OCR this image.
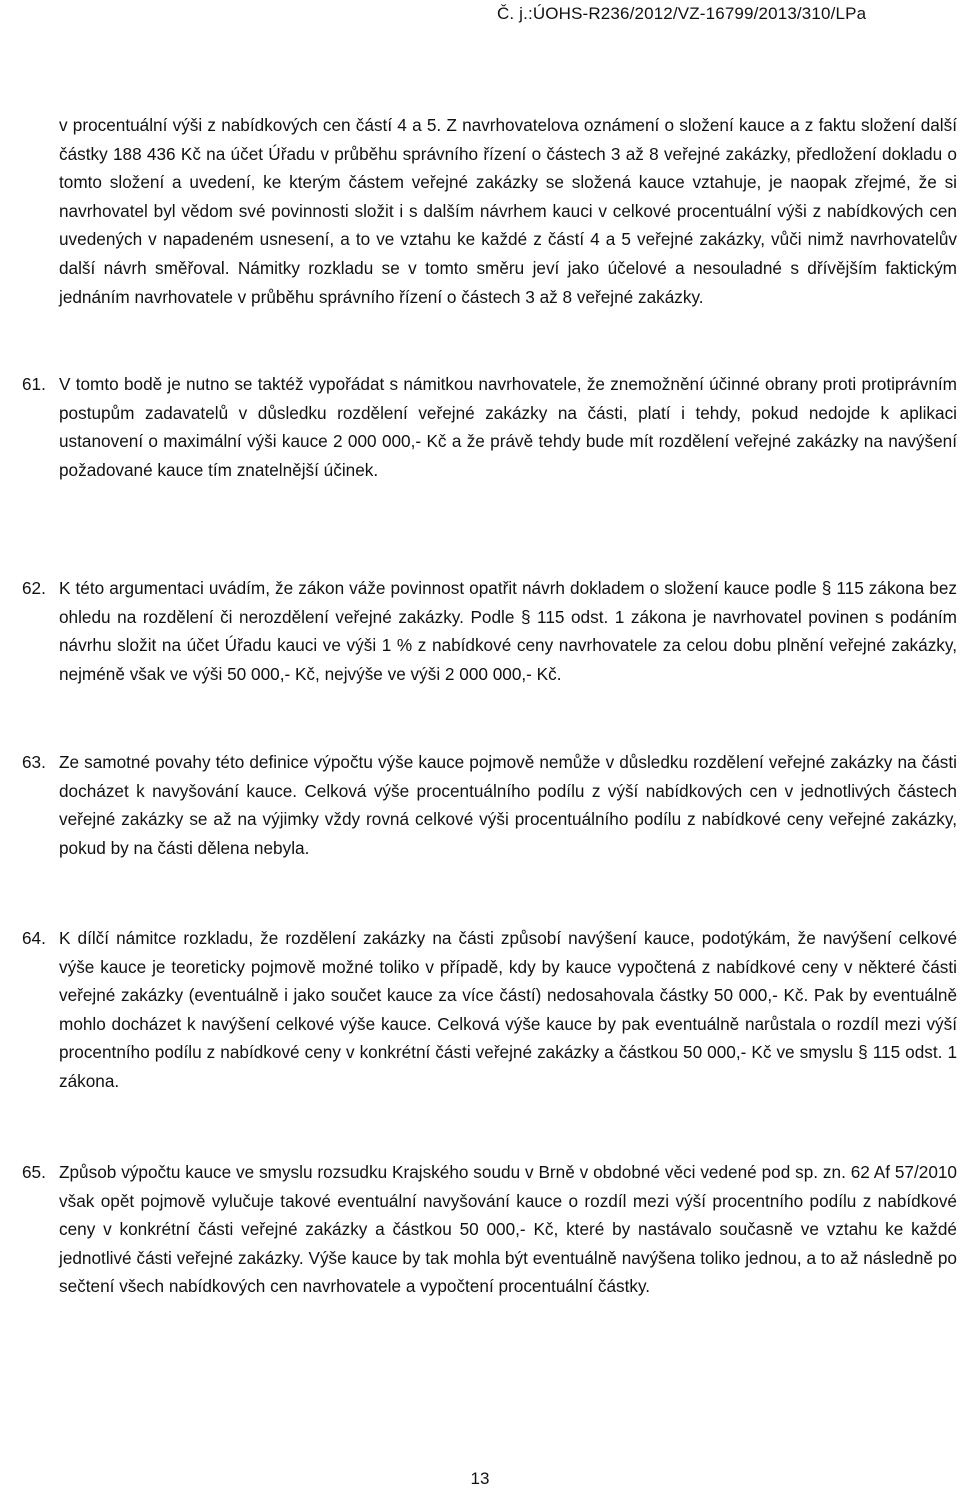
Č. j.:ÚOHS-R236/2012/VZ-16799/2013/310/LPa

v procentuální výši z nabídkových cen částí 4 a 5. Z navrhovatelova oznámení o složení kauce a z faktu složení další částky 188 436 Kč na účet Úřadu v průběhu správního řízení o částech 3 až 8 veřejné zakázky, předložení dokladu o tomto složení a uvedení, ke kterým částem veřejné zakázky se složená kauce vztahuje, je naopak zřejmé, že si navrhovatel byl vědom své povinnosti složit i s dalším návrhem kauci v celkové procentuální výši z nabídkových cen uvedených v napadeném usnesení, a to ve vztahu ke každé z částí 4 a 5 veřejné zakázky, vůči nimž navrhovatelův další návrh směřoval. Námitky rozkladu se v tomto směru jeví jako účelové a nesouladné s dřívějším faktickým jednáním navrhovatele v průběhu správního řízení o částech 3 až 8 veřejné zakázky.

61. V tomto bodě je nutno se taktéž vypořádat s námitkou navrhovatele, že znemožnění účinné obrany proti protiprávním postupům zadavatelů v důsledku rozdělení veřejné zakázky na části, platí i tehdy, pokud nedojde k aplikaci ustanovení o maximální výši kauce 2 000 000,- Kč a že právě tehdy bude mít rozdělení veřejné zakázky na navýšení požadované kauce tím znatelnější účinek.

62. K této argumentaci uvádím, že zákon váže povinnost opatřit návrh dokladem o složení kauce podle § 115 zákona bez ohledu na rozdělení či nerozdělení veřejné zakázky. Podle § 115 odst. 1 zákona je navrhovatel povinen s podáním návrhu složit na účet Úřadu kauci ve výši 1 % z nabídkové ceny navrhovatele za celou dobu plnění veřejné zakázky, nejméně však ve výši 50 000,- Kč, nejvýše ve výši 2 000 000,- Kč.

63. Ze samotné povahy této definice výpočtu výše kauce pojmově nemůže v důsledku rozdělení veřejné zakázky na části docházet k navyšování kauce. Celková výše procentuálního podílu z výší nabídkových cen v jednotlivých částech veřejné zakázky se až na výjimky vždy rovná celkové výši procentuálního podílu z nabídkové ceny veřejné zakázky, pokud by na části dělena nebyla.

64. K dílčí námitce rozkladu, že rozdělení zakázky na části způsobí navýšení kauce, podotýkám, že navýšení celkové výše kauce je teoreticky pojmově možné toliko v případě, kdy by kauce vypočtená z nabídkové ceny v některé části veřejné zakázky (eventuálně i jako součet kauce za více částí) nedosahovala částky 50 000,- Kč. Pak by eventuálně mohlo docházet k navýšení celkové výše kauce. Celková výše kauce by pak eventuálně narůstala o rozdíl mezi výší procentního podílu z nabídkové ceny v konkrétní části veřejné zakázky a částkou 50 000,- Kč ve smyslu § 115 odst. 1 zákona.

65. Způsob výpočtu kauce ve smyslu rozsudku Krajského soudu v Brně v obdobné věci vedené pod sp. zn. 62 Af 57/2010 však opět pojmově vylučuje takové eventuální navyšování kauce o rozdíl mezi výší procentního podílu z nabídkové ceny v konkrétní části veřejné zakázky a částkou 50 000,- Kč, které by nastávalo současně ve vztahu ke každé jednotlivé části veřejné zakázky. Výše kauce by tak mohla být eventuálně navýšena toliko jednou, a to až následně po sečtení všech nabídkových cen navrhovatele a vypočtení procentuální částky.

13
